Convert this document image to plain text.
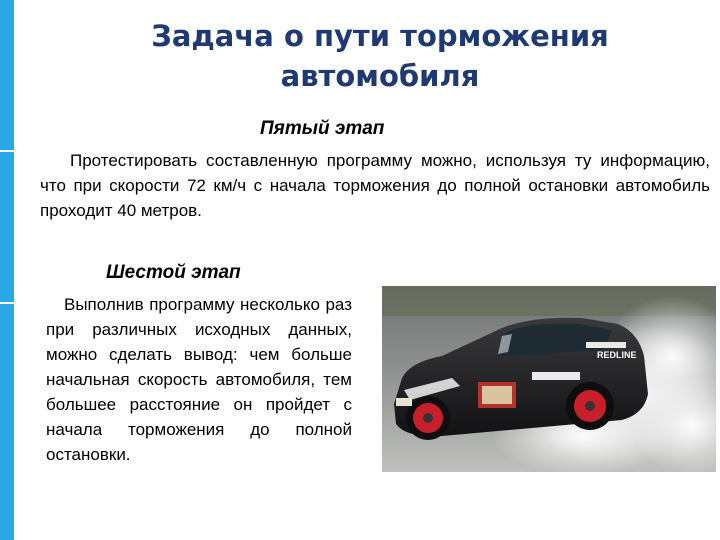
Задача о пути торможения
автомобиля
Пятый этап
Протестировать составленную программу можно, используя ту информацию, что при скорости 72 км/ч с начала торможения до полной остановки автомобиль проходит 40 метров.
Шестой этап
Выполнив программу несколько раз при различных исходных данных, можно сделать вывод: чем больше начальная скорость автомобиля, тем большее расстояние он пройдет с начала торможения до полной остановки.
REDLINE
